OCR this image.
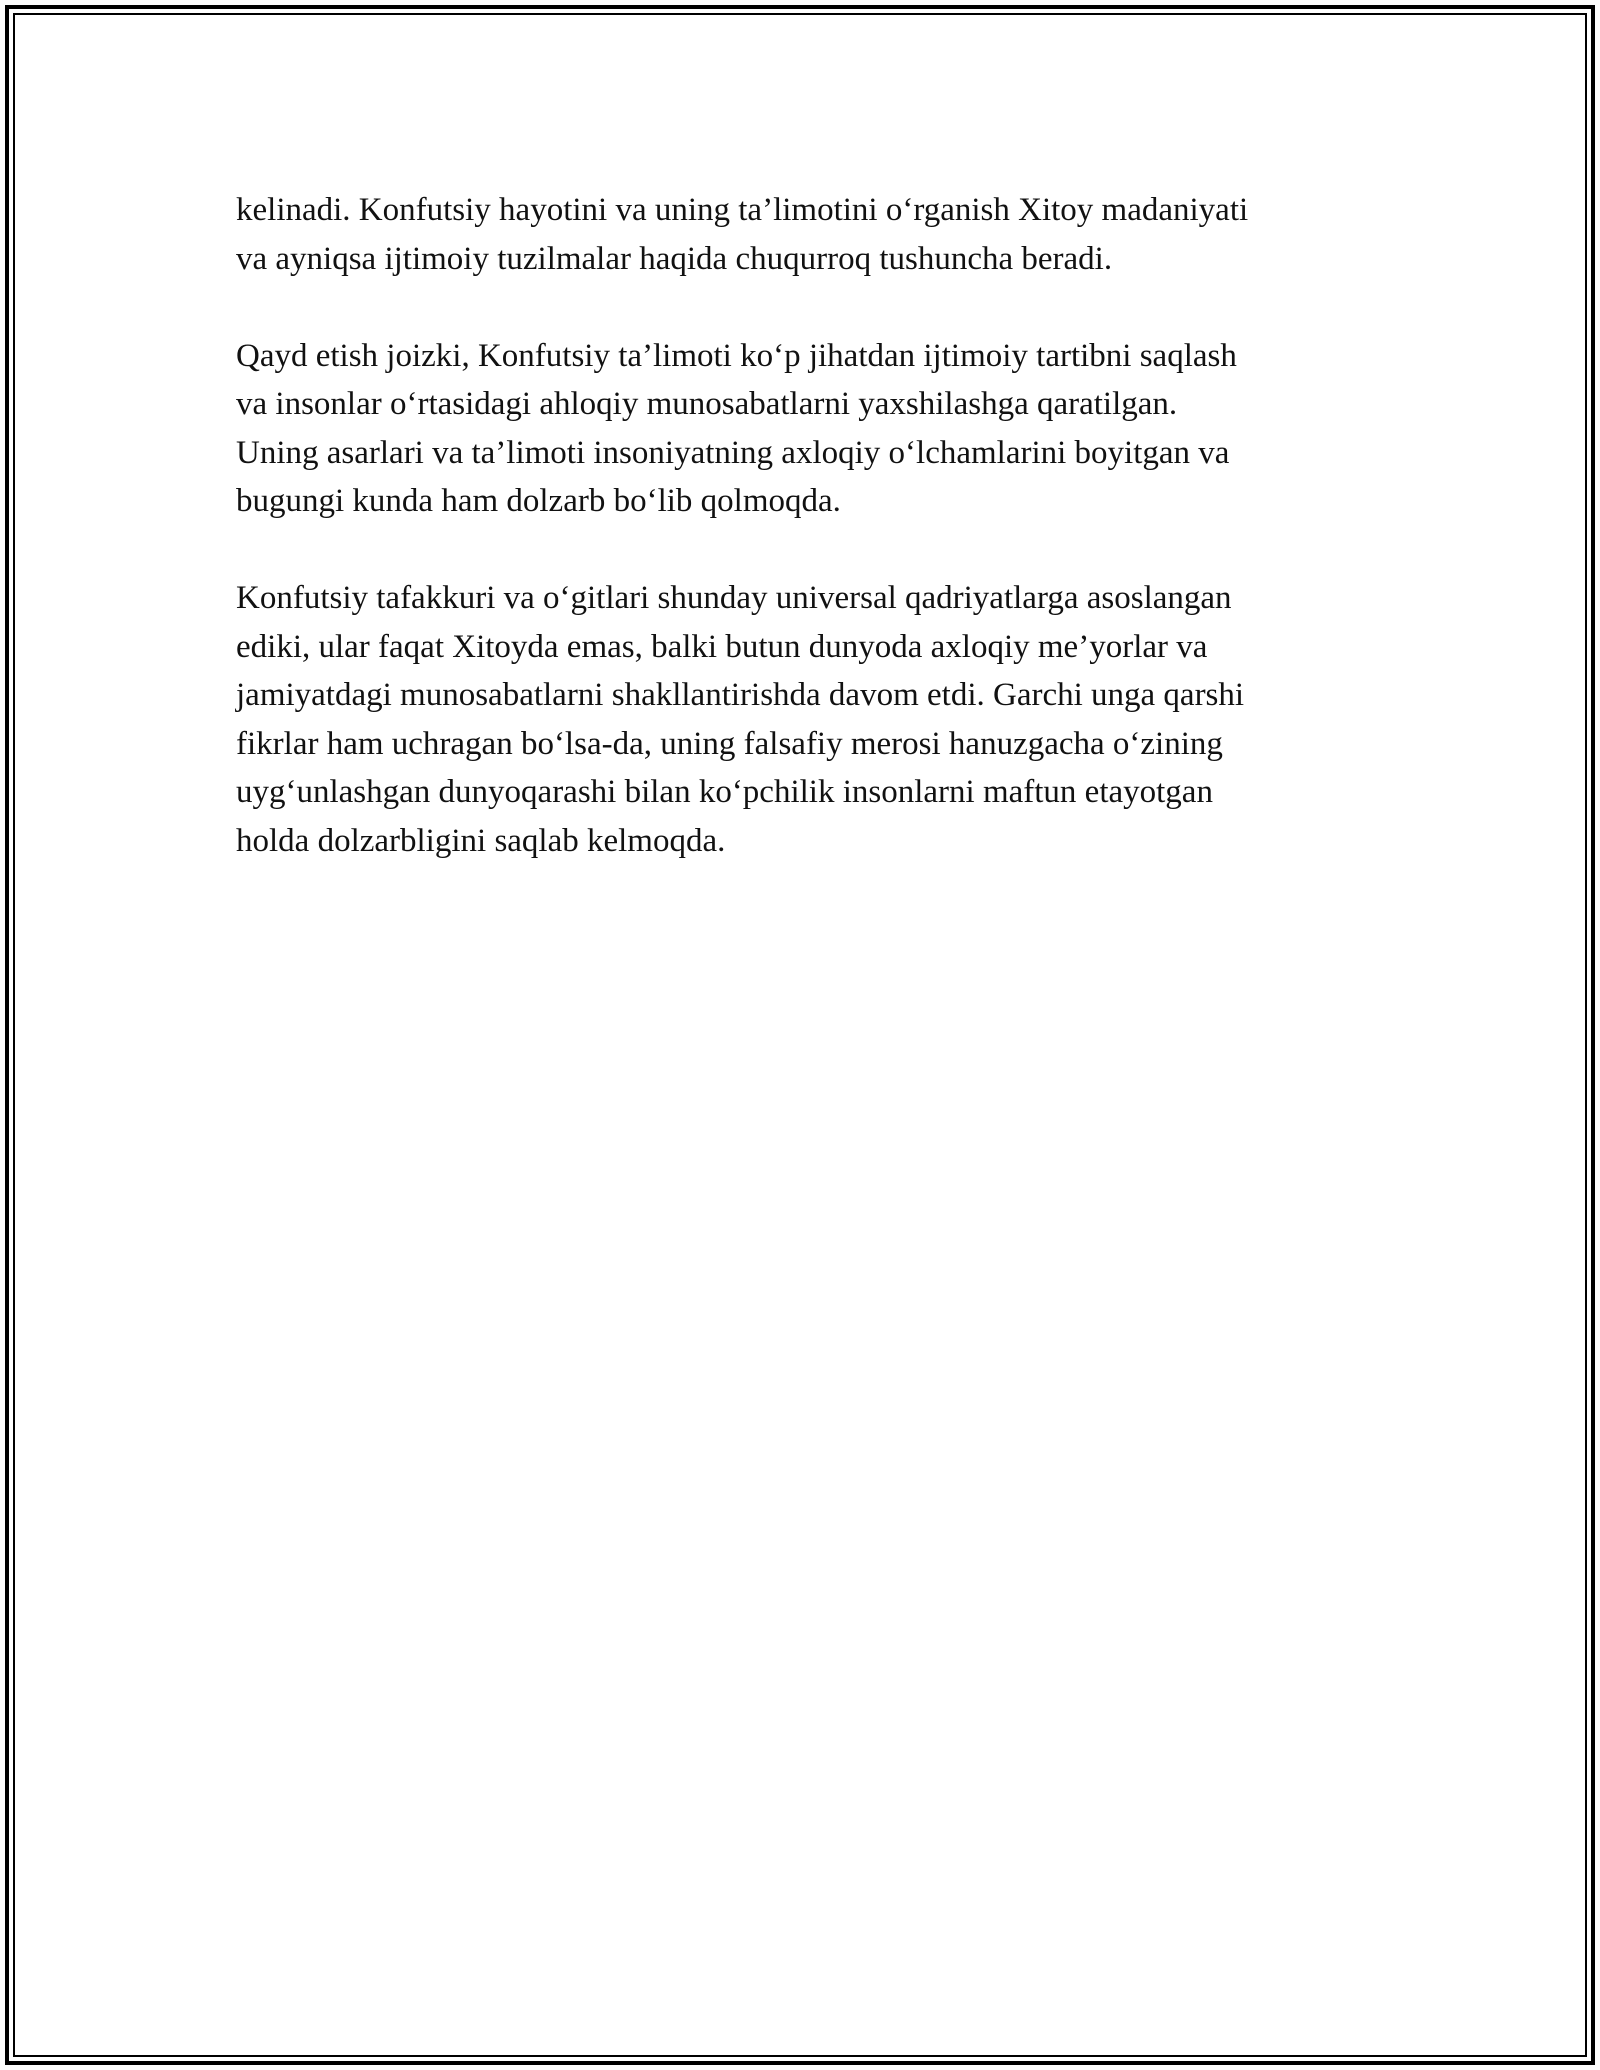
kelinadi. Konfutsiy hayotini va uning ta’limotini o‘rganish Xitoy madaniyati
va ayniqsa ijtimoiy tuzilmalar haqida chuqurroq tushuncha beradi.

Qayd etish joizki, Konfutsiy ta’limoti ko‘p jihatdan ijtimoiy tartibni saqlash
va insonlar o‘rtasidagi ahloqiy munosabatlarni yaxshilashga qaratilgan.
Uning asarlari va ta’limoti insoniyatning axloqiy o‘lchamlarini boyitgan va
bugungi kunda ham dolzarb bo‘lib qolmoqda.

Konfutsiy tafakkuri va o‘gitlari shunday universal qadriyatlarga asoslangan
ediki, ular faqat Xitoyda emas, balki butun dunyoda axloqiy me’yorlar va
jamiyatdagi munosabatlarni shakllantirishda davom etdi. Garchi unga qarshi
fikrlar ham uchragan bo‘lsa-da, uning falsafiy merosi hanuzgacha o‘zining
uyg‘unlashgan dunyoqarashi bilan ko‘pchilik insonlarni maftun etayotgan
holda dolzarbligini saqlab kelmoqda.
